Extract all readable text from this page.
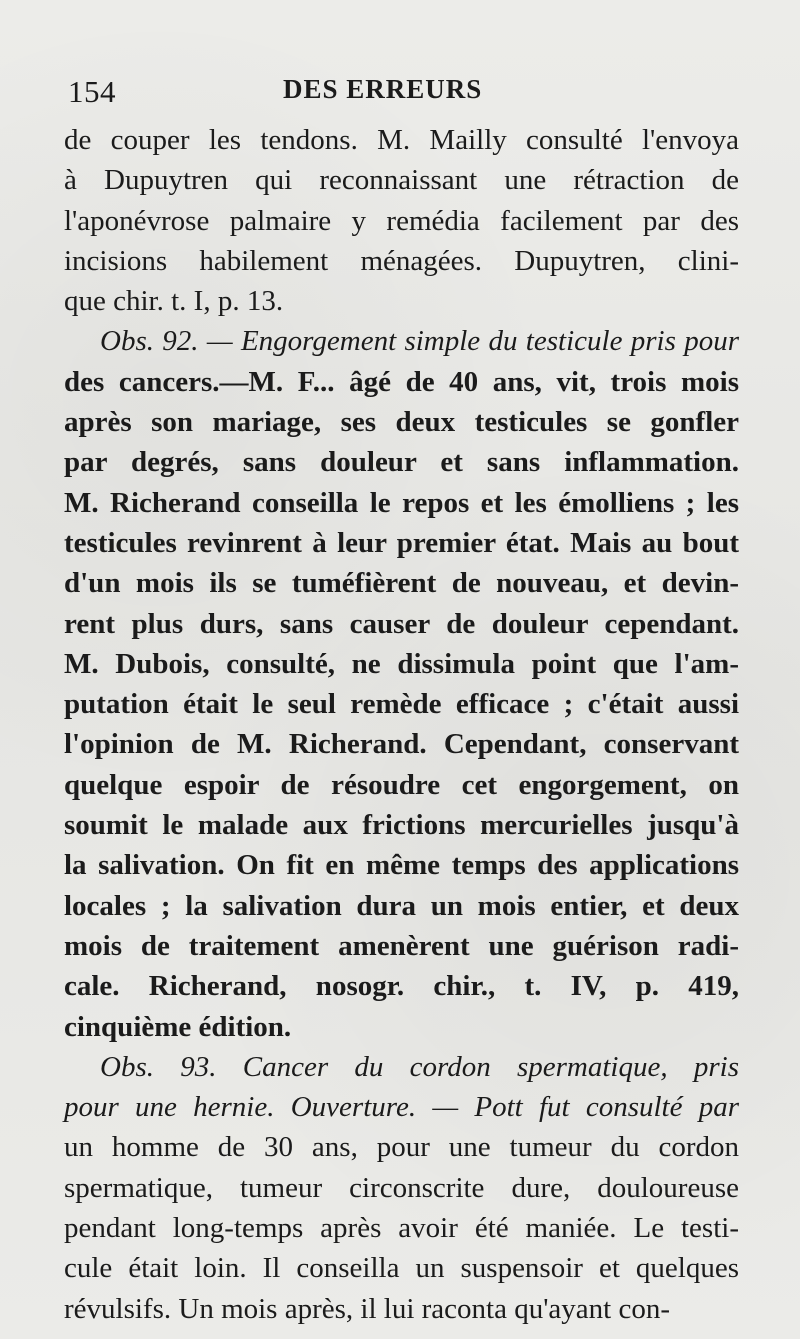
154	DES ERREURS
de couper les tendons. M. Mailly consulté l'envoya
à Dupuytren qui reconnaissant une rétraction de
l'aponévrose palmaire y remédia facilement par des
incisions habilement ménagées. Dupuytren, clini-
que chir. t. I, p. 13.
Obs. 92. — Engorgement simple du testicule pris pour
des cancers.—M. F... âgé de 40 ans, vit, trois mois
après son mariage, ses deux testicules se gonfler
par degrés, sans douleur et sans inflammation.
M. Richerand conseilla le repos et les émolliens ; les
testicules revinrent à leur premier état. Mais au bout
d'un mois ils se tuméfièrent de nouveau, et devin-
rent plus durs, sans causer de douleur cependant.
M. Dubois, consulté, ne dissimula point que l'am-
putation était le seul remède efficace ; c'était aussi
l'opinion de M. Richerand. Cependant, conservant
quelque espoir de résoudre cet engorgement, on
soumit le malade aux frictions mercurielles jusqu'à
la salivation. On fit en même temps des applications
locales ; la salivation dura un mois entier, et deux
mois de traitement amenèrent une guérison radi-
cale. Richerand, nosogr. chir., t. IV, p. 419,
cinquième édition.
Obs. 93. Cancer du cordon spermatique, pris
pour une hernie. Ouverture. — Pott fut consulté par
un homme de 30 ans, pour une tumeur du cordon
spermatique, tumeur circonscrite dure, douloureuse
pendant long-temps après avoir été maniée. Le testi-
cule était loin. Il conseilla un suspensoir et quelques
révulsifs. Un mois après, il lui raconta qu'ayant con-
